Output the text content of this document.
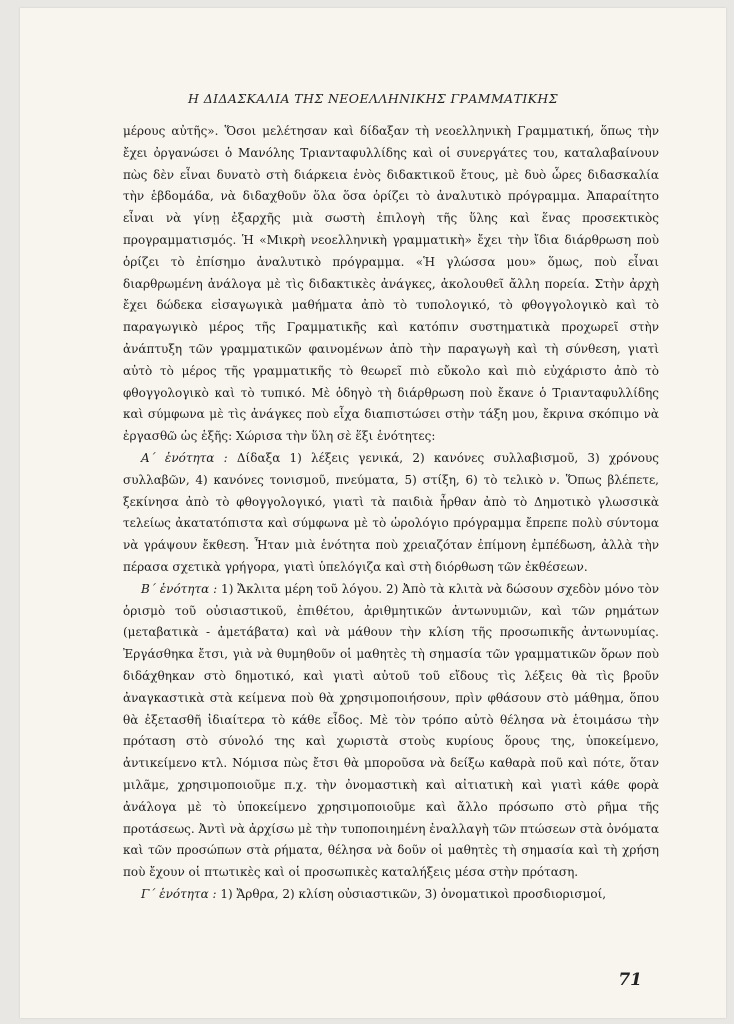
Η ΔΙΔΑΣΚΑΛΙΑ ΤΗΣ ΝΕΟΕΛΛΗΝΙΚΗΣ ΓΡΑΜΜΑΤΙΚΗΣ

μέρους αὐτῆς». Ὅσοι μελέτησαν καὶ δίδαξαν τὴ νεοελληνικὴ Γραμματική, ὅπως τὴν ἔχει ὀργανώσει ὁ Μανόλης Τριανταφυλλίδης καὶ οἱ συνεργάτες του, καταλαβαίνουν πὼς δὲν εἶναι δυνατὸ στὴ διάρκεια ἑνὸς διδακτικοῦ ἔτους, μὲ δυὸ ὧρες διδασκαλία τὴν ἑβδομάδα, νὰ διδαχθοῦν ὅλα ὅσα ὁρίζει τὸ ἀναλυτικὸ πρόγραμμα. Ἀπαραίτητο εἶναι νὰ γίνῃ ἐξαρχῆς μιὰ σωστὴ ἐπιλογὴ τῆς ὕλης καὶ ἕνας προσεκτικὸς προγραμματισμός. Ἡ «Μικρὴ νεοελληνικὴ γραμματικὴ» ἔχει τὴν ἴδια διάρθρωση ποὺ ὁρίζει τὸ ἐπίσημο ἀναλυτικὸ πρόγραμμα. «Ἡ γλώσσα μου» ὅμως, ποὺ εἶναι διαρθρωμένη ἀνάλογα μὲ τὶς διδακτικὲς ἀνάγκες, ἀκολουθεῖ ἄλλη πορεία. Στὴν ἀρχὴ ἔχει δώδεκα εἰσαγωγικὰ μαθήματα ἀπὸ τὸ τυπολογικό, τὸ φθογγολογικὸ καὶ τὸ παραγωγικὸ μέρος τῆς Γραμματικῆς καὶ κατόπιν συστηματικὰ προχωρεῖ στὴν ἀνάπτυξη τῶν γραμματικῶν φαινομένων ἀπὸ τὴν παραγωγὴ καὶ τὴ σύνθεση, γιατὶ αὐτὸ τὸ μέρος τῆς γραμματικῆς τὸ θεωρεῖ πιὸ εὔκολο καὶ πιὸ εὐχάριστο ἀπὸ τὸ φθογγολογικὸ καὶ τὸ τυπικό. Μὲ ὁδηγὸ τὴ διάρθρωση ποὺ ἔκανε ὁ Τριανταφυλλίδης καὶ σύμφωνα μὲ τὶς ἀνάγκες ποὺ εἶχα διαπιστώσει στὴν τάξη μου, ἔκρινα σκόπιμο νὰ ἐργασθῶ ὡς ἑξῆς: Χώρισα τὴν ὕλη σὲ ἕξι ἑνότητες:

Α΄ ἑνότητα : Δίδαξα 1) λέξεις γενικά, 2) κανόνες συλλαβισμοῦ, 3) χρόνους συλλαβῶν, 4) κανόνες τονισμοῦ, πνεύματα, 5) στίξη, 6) τὸ τελικὸ ν. Ὅπως βλέπετε, ξεκίνησα ἀπὸ τὸ φθογγολογικό, γιατὶ τὰ παιδιὰ ἦρθαν ἀπὸ τὸ Δημοτικὸ γλωσσικὰ τελείως ἀκατατόπιστα καὶ σύμφωνα μὲ τὸ ὡρολόγιο πρόγραμμα ἔπρεπε πολὺ σύντομα νὰ γράψουν ἔκθεση. Ἦταν μιὰ ἑνότητα ποὺ χρειαζόταν ἐπίμονη ἐμπέδωση, ἀλλὰ τὴν πέρασα σχετικὰ γρήγορα, γιατὶ ὑπελόγιζα καὶ στὴ διόρθωση τῶν ἐκθέσεων.

Β΄ ἑνότητα : 1) Ἄκλιτα μέρη τοῦ λόγου. 2) Ἀπὸ τὰ κλιτὰ νὰ δώσουν σχεδὸν μόνο τὸν ὁρισμὸ τοῦ οὐσιαστικοῦ, ἐπιθέτου, ἀριθμητικῶν ἀντωνυμιῶν, καὶ τῶν ρημάτων (μεταβατικὰ - ἀμετάβατα) καὶ νὰ μάθουν τὴν κλίση τῆς προσωπικῆς ἀντωνυμίας. Ἐργάσθηκα ἔτσι, γιὰ νὰ θυμηθοῦν οἱ μαθητὲς τὴ σημασία τῶν γραμματικῶν ὅρων ποὺ διδάχθηκαν στὸ δημοτικό, καὶ γιατὶ αὐτοῦ τοῦ εἴδους τὶς λέξεις θὰ τὶς βροῦν ἀναγκαστικὰ στὰ κείμενα ποὺ θὰ χρησιμοποιήσουν, πρὶν φθάσουν στὸ μάθημα, ὅπου θὰ ἐξετασθῆ ἰδιαίτερα τὸ κάθε εἶδος. Μὲ τὸν τρόπο αὐτὸ θέλησα νὰ ἑτοιμάσω τὴν πρόταση στὸ σύνολό της καὶ χωριστὰ στοὺς κυρίους ὅρους της, ὑποκείμενο, ἀντικείμενο κτλ. Νόμισα πὼς ἔτσι θὰ μποροῦσα νὰ δείξω καθαρὰ ποῦ καὶ πότε, ὅταν μιλᾶμε, χρησιμοποιοῦμε π.χ. τὴν ὀνομαστικὴ καὶ αἰτιατικὴ καὶ γιατὶ κάθε φορὰ ἀνάλογα μὲ τὸ ὑποκείμενο χρησιμοποιοῦμε καὶ ἄλλο πρόσωπο στὸ ρῆμα τῆς προτάσεως. Ἀντὶ νὰ ἀρχίσω μὲ τὴν τυποποιημένη ἐναλλαγὴ τῶν πτώσεων στὰ ὀνόματα καὶ τῶν προσώπων στὰ ρήματα, θέλησα νὰ δοῦν οἱ μαθητὲς τὴ σημασία καὶ τὴ χρήση ποὺ ἔχουν οἱ πτωτικὲς καὶ οἱ προσωπικὲς καταλήξεις μέσα στὴν πρόταση.

Γ΄ ἑνότητα : 1) Ἄρθρα, 2) κλίση οὐσιαστικῶν, 3) ὀνοματικοὶ προσδιορισμοί,

71
